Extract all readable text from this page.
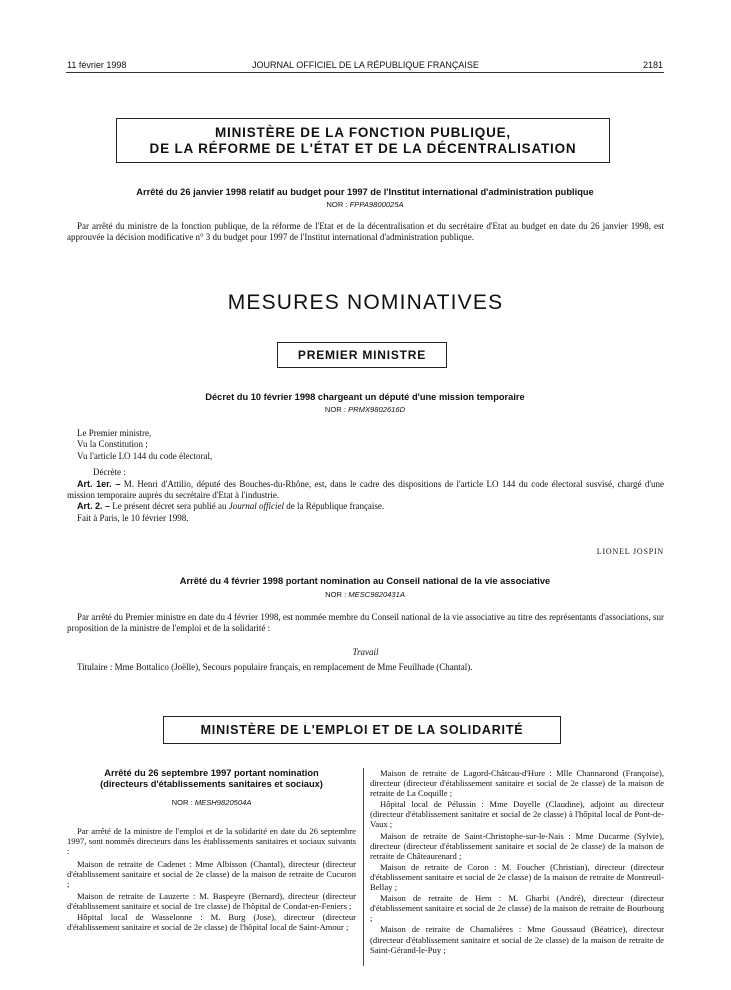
11 février 1998	JOURNAL OFFICIEL DE LA RÉPUBLIQUE FRANÇAISE	2181
MINISTÈRE DE LA FONCTION PUBLIQUE,
DE LA RÉFORME DE L'ÉTAT ET DE LA DÉCENTRALISATION
Arrêté du 26 janvier 1998 relatif au budget pour 1997 de l'Institut international d'administration publique
NOR : FPPA9800025A

Par arrêté du ministre de la fonction publique, de la réforme de l'Etat et de la décentralisation et du secrétaire d'Etat au budget en date du 26 janvier 1998, est approuvée la décision modificative n° 3 du budget pour 1997 de l'Institut international d'administration publique.

MESURES NOMINATIVES
PREMIER MINISTRE
Décret du 10 février 1998 chargeant un député d'une mission temporaire
NOR : PRMX9802616D

Le Premier ministre,

Vu la Constitution ;

Vu l'article LO 144 du code électoral,

Décrète :

Art. 1er. – M. Henri d'Attilio, député des Bouches-du-Rhône, est, dans le cadre des dispositions de l'article LO 144 du code électoral susvisé, chargé d'une mission temporaire auprès du secrétaire d'Etat à l'industrie.

Art. 2. – Le présent décret sera publié au Journal officiel de la République française.

Fait à Paris, le 10 février 1998.

LIONEL JOSPIN
Arrêté du 4 février 1998 portant nomination au Conseil national de la vie associative
NOR : MESC9820431A

Par arrêté du Premier ministre en date du 4 février 1998, est nommée membre du Conseil national de la vie associative au titre des représentants d'associations, sur proposition de la ministre de l'emploi et de la solidarité :

Travail

Titulaire : Mme Bottalico (Joëlle), Secours populaire français, en remplacement de Mme Feuilhade (Chantal).

MINISTÈRE DE L'EMPLOI ET DE LA SOLIDARITÉ
Arrêté du 26 septembre 1997 portant nomination
(directeurs d'établissements sanitaires et sociaux)
NOR : MESH9820504A

Par arrêté de la ministre de l'emploi et de la solidarité en date du 26 septembre 1997, sont nommés directeurs dans les établissements sanitaires et sociaux suivants :

Maison de retraite de Cadenet : Mme Albisson (Chantal), directeur (directeur d'établissement sanitaire et social de 2e classe) de la maison de retraite de Cucuron ;

Maison de retraite de Lauzerte : M. Baspeyre (Bernard), directeur (directeur d'établissement sanitaire et social de 1re classe) de l'hôpital de Condat-en-Feniers ;

Hôpital local de Wasselonne : M. Burg (Jose), directeur (directeur d'établissement sanitaire et social de 2e classe) de l'hôpital local de Saint-Amour ;

Maison de retraite de Lagord-Châtcau-d'Hure : Mlle Channarond (Françoise), directeur (directeur d'établissement sanitaire et social de 2e classe) de la maison de retraite de La Coquille ;

Hôpital local de Pélussin : Mme Doyelle (Claudine), adjoint au directeur (directeur d'établissement sanitaire et social de 2e classe) à l'hôpital local de Pont-de-Vaux ;

Maison de retraite de Saint-Christophe-sur-le-Nais : Mme Ducarme (Sylvie), directeur (directeur d'établissement sanitaire et social de 2e classe) de la maison de retraite de Châteaurenard ;

Maison de retraite de Coron : M. Foucher (Christian), directeur (directeur d'établissement sanitaire et social de 2e classe) de la maison de retraite de Montreuil-Bellay ;

Maison de retraite de Hem : M. Gharbi (André), directeur (directeur d'établissement sanitaire et social de 2e classe) de la maison de retraite de Bourbourg ;

Maison de retraite de Chamalières : Mme Goussaud (Béatrice), directeur (directeur d'établissement sanitaire et social de 2e classe) de la maison de retraite de Saint-Gérand-le-Puy ;
